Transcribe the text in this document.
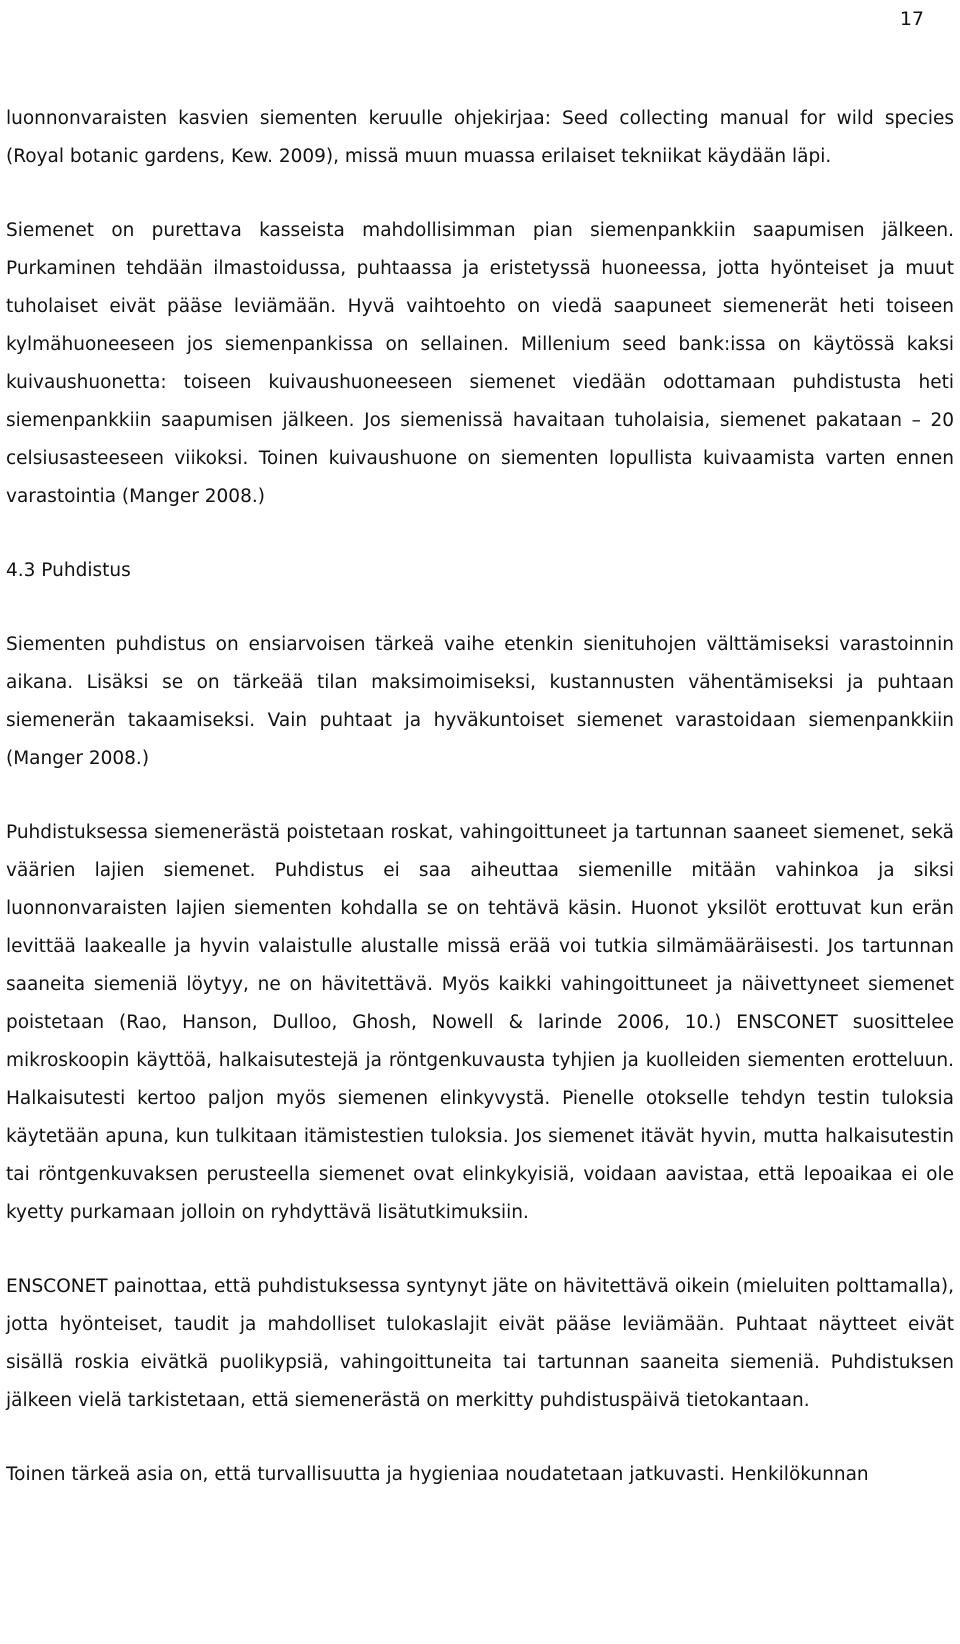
17

luonnonvaraisten kasvien siementen keruulle ohjekirjaa: Seed collecting manual for wild species (Royal botanic gardens, Kew. 2009), missä muun muassa erilaiset tekniikat käydään läpi.

Siemenet on purettava kasseista mahdollisimman pian siemenpankkiin saapumisen jälkeen. Purkaminen tehdään ilmastoidussa, puhtaassa ja eristetyssä huoneessa, jotta hyönteiset ja muut tuholaiset eivät pääse leviämään. Hyvä vaihtoehto on viedä saapuneet siemenerät heti toiseen kylmähuoneeseen jos siemenpankissa on sellainen. Millenium seed bank:issa on käytössä kaksi kuivaushuonetta: toiseen kuivaushuoneeseen siemenet viedään odottamaan puhdistusta heti siemenpankkiin saapumisen jälkeen. Jos siemenissä havaitaan tuholaisia, siemenet pakataan – 20 celsiusasteeseen viikoksi. Toinen kuivaushuone on siementen lopullista kuivaamista varten ennen varastointia (Manger 2008.)

4.3 Puhdistus

Siementen puhdistus on ensiarvoisen tärkeä vaihe etenkin sienituhojen välttämiseksi varastoinnin aikana. Lisäksi se on tärkeää tilan maksimoimiseksi, kustannusten vähentämiseksi ja puhtaan siemenerän takaamiseksi. Vain puhtaat ja hyväkuntoiset siemenet varastoidaan siemenpankkiin (Manger 2008.)

Puhdistuksessa siemenerästä poistetaan roskat, vahingoittuneet ja tartunnan saaneet siemenet, sekä väärien lajien siemenet. Puhdistus ei saa aiheuttaa siemenille mitään vahinkoa ja siksi luonnonvaraisten lajien siementen kohdalla se on tehtävä käsin. Huonot yksilöt erottuvat kun erän levittää laakealle ja hyvin valaistulle alustalle missä erää voi tutkia silmämääräisesti. Jos tartunnan saaneita siemeniä löytyy, ne on hävitettävä. Myös kaikki vahingoittuneet ja näivettyneet siemenet poistetaan (Rao, Hanson, Dulloo, Ghosh, Nowell & larinde 2006, 10.) ENSCONET suosittelee mikroskoopin käyttöä, halkaisutestejä ja röntgenkuvausta tyhjien ja kuolleiden siementen erotteluun. Halkaisutesti kertoo paljon myös siemenen elinkyvystä. Pienelle otokselle tehdyn testin tuloksia käytetään apuna, kun tulkitaan itämistestien tuloksia. Jos siemenet itävät hyvin, mutta halkaisutestin tai röntgenkuvaksen perusteella siemenet ovat elinkykyisiä, voidaan aavistaa, että lepoaikaa ei ole kyetty purkamaan jolloin on ryhdyttävä lisätutkimuksiin.

ENSCONET painottaa, että puhdistuksessa syntynyt jäte on hävitettävä oikein (mieluiten polttamalla), jotta hyönteiset, taudit ja mahdolliset tulokaslajit eivät pääse leviämään. Puhtaat näytteet eivät sisällä roskia eivätkä puolikypsiä, vahingoittuneita tai tartunnan saaneita siemeniä. Puhdistuksen jälkeen vielä tarkistetaan, että siemenerästä on merkitty puhdistuspäivä tietokantaan.

Toinen tärkeä asia on, että turvallisuutta ja hygieniaa noudatetaan jatkuvasti. Henkilökunnan
